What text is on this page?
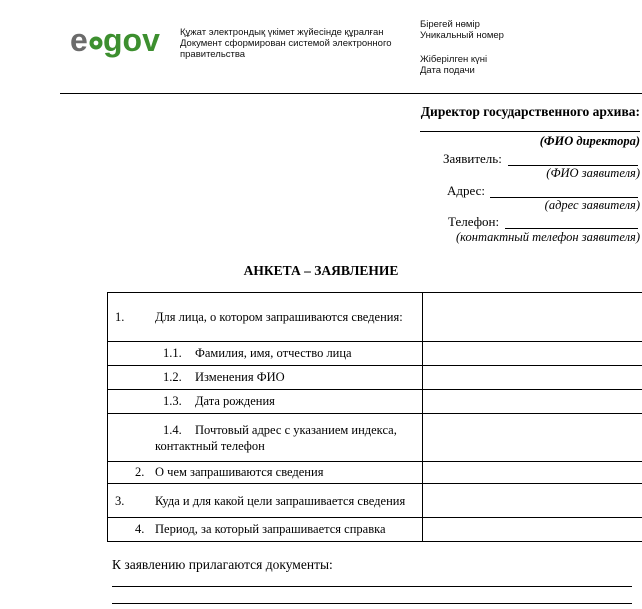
e gov Құжат электрондық үкімет жүйесінде құралған
Документ сформирован системой электронного
правительства
Бірегей нөмір
Уникальный номер
Жіберілген күні
Дата подачи
Директор государственного архива:
(ФИО директора)
Заявитель:
(ФИО заявителя)
Адрес:
(адрес заявителя)
Телефон:
(контактный телефон заявителя)
АНКЕТА – ЗАЯВЛЕНИЕ
1. Для лица, о котором запрашиваются сведения:	

1.1. Фамилия, имя, отчество лица	

1.2. Изменения ФИО	

1.3. Дата рождения	

1.4. Почтовый адрес с указанием индекса, контактный телефон	

2. О чем запрашиваются сведения	

3. Куда и для какой цели запрашивается сведения	

4. Период, за который запрашивается справка	

К заявлению прилагаются документы:
